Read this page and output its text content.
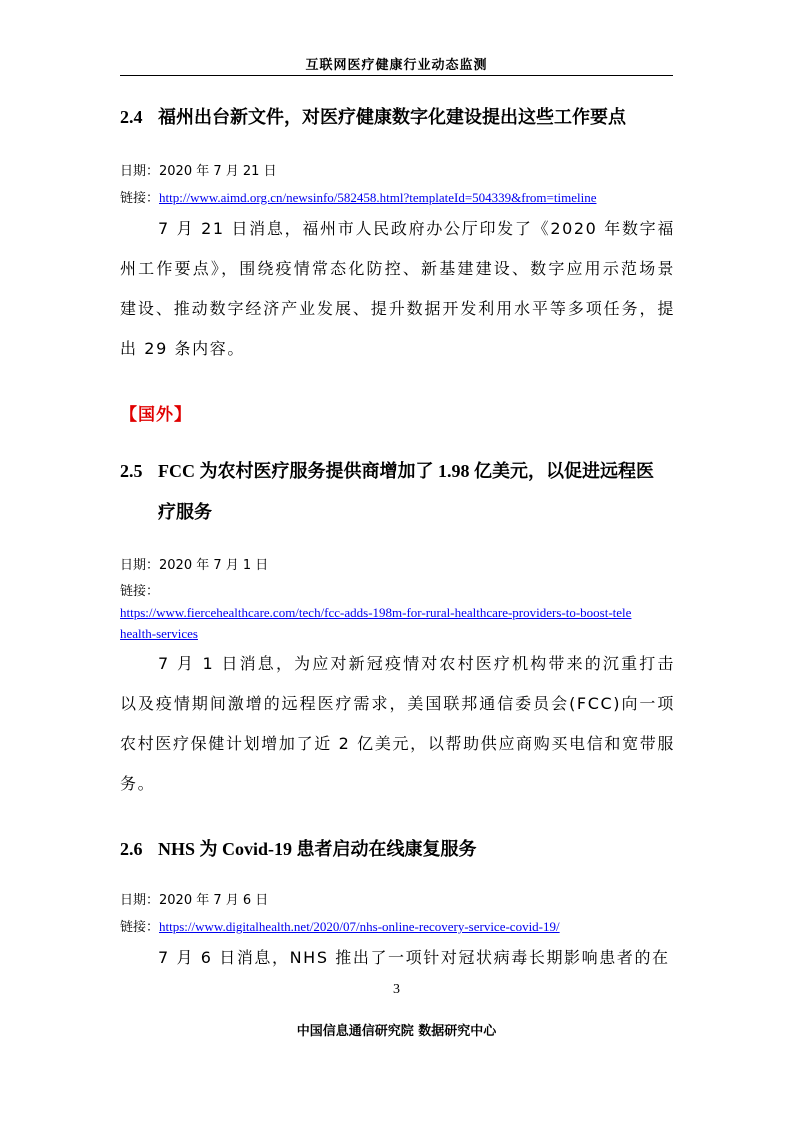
互联网医疗健康行业动态监测
2.4 福州出台新文件，对医疗健康数字化建设提出这些工作要点
日期：2020 年 7 月 21 日
链接：http://www.aimd.org.cn/newsinfo/582458.html?templateId=504339&from=timeline
7 月 21 日消息，福州市人民政府办公厅印发了《2020 年数字福州工作要点》，围绕疫情常态化防控、新基建建设、数字应用示范场景建设、推动数字经济产业发展、提升数据开发利用水平等多项任务，提出 29 条内容。
【国外】
2.5 FCC 为农村医疗服务提供商增加了 1.98 亿美元，以促进远程医
疗服务
日期：2020 年 7 月 1 日
链接：
https://www.fiercehealthcare.com/tech/fcc-adds-198m-for-rural-healthcare-providers-to-boost-tele
health-services
7 月 1 日消息，为应对新冠疫情对农村医疗机构带来的沉重打击以及疫情期间激增的远程医疗需求，美国联邦通信委员会(FCC)向一项农村医疗保健计划增加了近 2 亿美元，以帮助供应商购买电信和宽带服务。
2.6 NHS 为 Covid-19 患者启动在线康复服务
日期：2020 年 7 月 6 日
链接：https://www.digitalhealth.net/2020/07/nhs-online-recovery-service-covid-19/
7 月 6 日消息，NHS 推出了一项针对冠状病毒长期影响患者的在
3
中国信息通信研究院 数据研究中心
